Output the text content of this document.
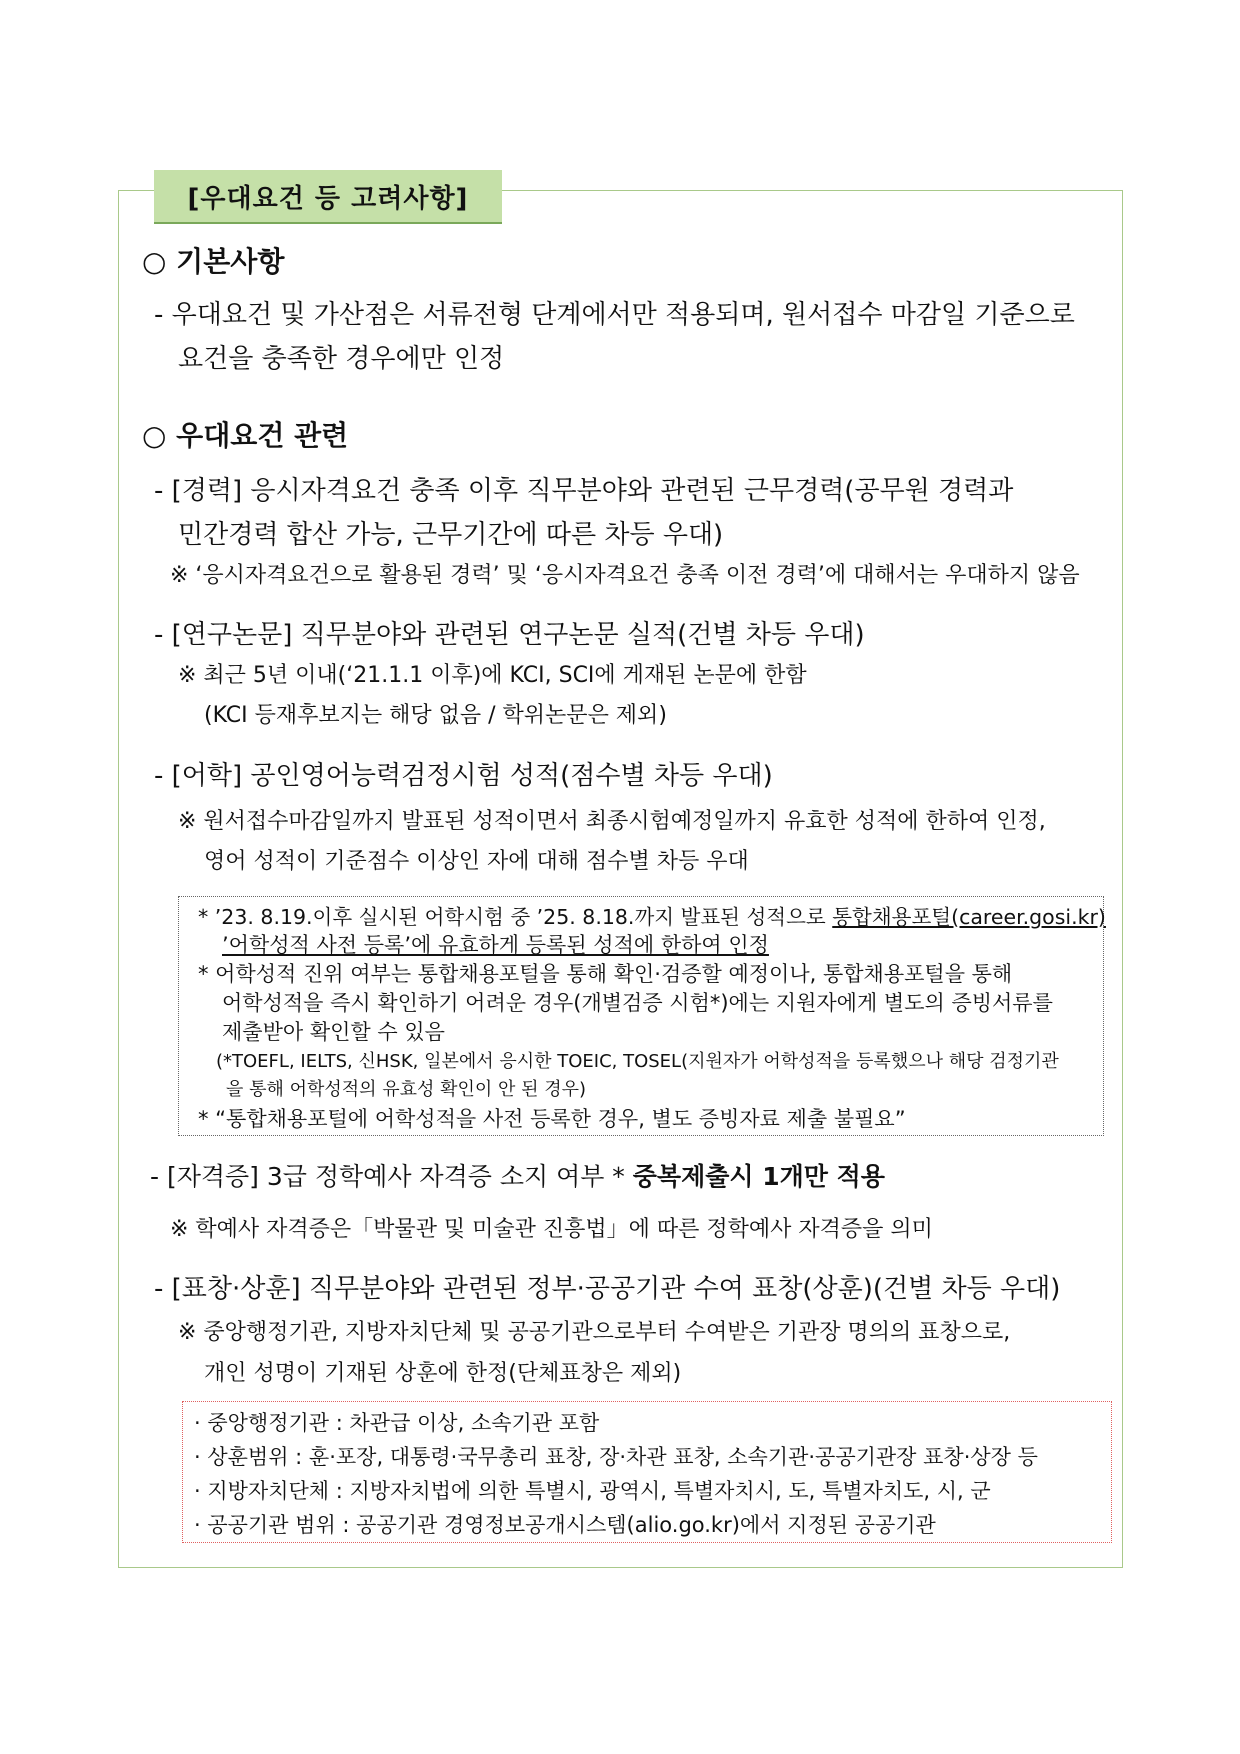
[우대요건 등 고려사항]
○ 기본사항
- 우대요건 및 가산점은 서류전형 단계에서만 적용되며, 원서접수 마감일 기준으로
요건을 충족한 경우에만 인정
○ 우대요건 관련
- [경력] 응시자격요건 충족 이후 직무분야와 관련된 근무경력(공무원 경력과
민간경력 합산 가능, 근무기간에 따른 차등 우대)
※ ‘응시자격요건으로 활용된 경력’ 및 ‘응시자격요건 충족 이전 경력’에 대해서는 우대하지 않음
- [연구논문] 직무분야와 관련된 연구논문 실적(건별 차등 우대)
※ 최근 5년 이내(‘21.1.1 이후)에 KCI, SCI에 게재된 논문에 한함
(KCI 등재후보지는 해당 없음 / 학위논문은 제외)
- [어학] 공인영어능력검정시험 성적(점수별 차등 우대)
※ 원서접수마감일까지 발표된 성적이면서 최종시험예정일까지 유효한 성적에 한하여 인정,
영어 성적이 기준점수 이상인 자에 대해 점수별 차등 우대
* ’23. 8.19.이후 실시된 어학시험 중 ’25. 8.18.까지 발표된 성적으로 통합채용포털(career.gosi.kr)
’어학성적 사전 등록’에 유효하게 등록된 성적에 한하여 인정
* 어학성적 진위 여부는 통합채용포털을 통해 확인·검증할 예정이나, 통합채용포털을 통해
어학성적을 즉시 확인하기 어려운 경우(개별검증 시험*)에는 지원자에게 별도의 증빙서류를
제출받아 확인할 수 있음
(*TOEFL, IELTS, 신HSK, 일본에서 응시한 TOEIC, TOSEL(지원자가 어학성적을 등록했으나 해당 검정기관
을 통해 어학성적의 유효성 확인이 안 된 경우)
* “통합채용포털에 어학성적을 사전 등록한 경우, 별도 증빙자료 제출 불필요”
- [자격증] 3급 정학예사 자격증 소지 여부 * 중복제출시 1개만 적용
※ 학예사 자격증은「박물관 및 미술관 진흥법」에 따른 정학예사 자격증을 의미
- [표창·상훈] 직무분야와 관련된 정부·공공기관 수여 표창(상훈)(건별 차등 우대)
※ 중앙행정기관, 지방자치단체 및 공공기관으로부터 수여받은 기관장 명의의 표창으로,
개인 성명이 기재된 상훈에 한정(단체표창은 제외)
· 중앙행정기관 : 차관급 이상, 소속기관 포함
· 상훈범위 : 훈·포장, 대통령·국무총리 표창, 장·차관 표창, 소속기관·공공기관장 표창·상장 등
· 지방자치단체 : 지방자치법에 의한 특별시, 광역시, 특별자치시, 도, 특별자치도, 시, 군
· 공공기관 범위 : 공공기관 경영정보공개시스템(alio.go.kr)에서 지정된 공공기관
